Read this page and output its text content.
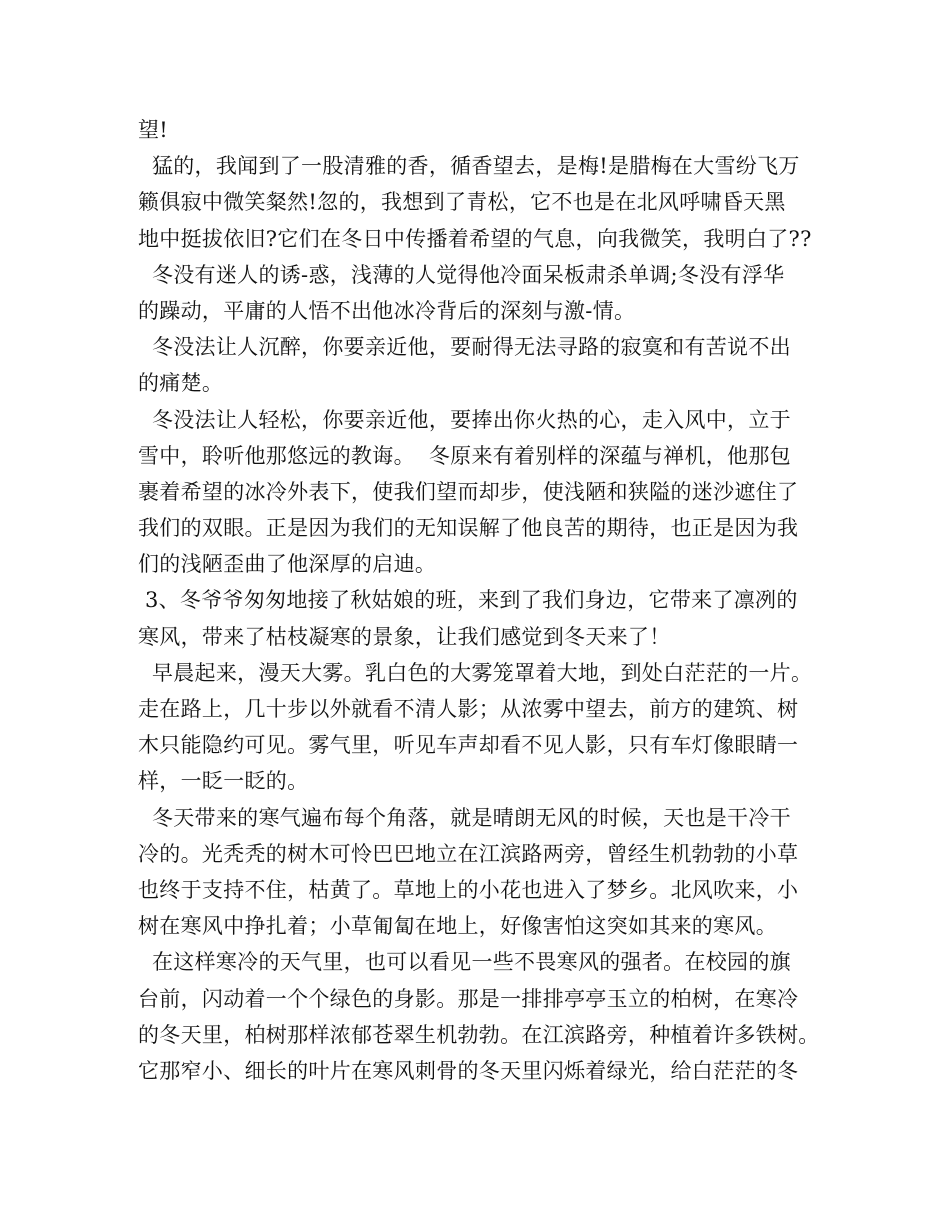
望!
猛的，我闻到了一股清雅的香，循香望去，是梅!是腊梅在大雪纷飞万
籁俱寂中微笑粲然!忽的，我想到了青松，它不也是在北风呼啸昏天黑
地中挺拔依旧?它们在冬日中传播着希望的气息，向我微笑，我明白了??
冬没有迷人的诱-惑，浅薄的人觉得他冷面呆板肃杀单调;冬没有浮华
的躁动，平庸的人悟不出他冰冷背后的深刻与激-情。
冬没法让人沉醉，你要亲近他，要耐得无法寻路的寂寞和有苦说不出
的痛楚。
冬没法让人轻松，你要亲近他，要捧出你火热的心，走入风中，立于
雪中，聆听他那悠远的教诲。  冬原来有着别样的深蕴与禅机，他那包
裹着希望的冰冷外表下，使我们望而却步，使浅陋和狭隘的迷沙遮住了
我们的双眼。正是因为我们的无知误解了他良苦的期待，也正是因为我
们的浅陋歪曲了他深厚的启迪。
3、冬爷爷匆匆地接了秋姑娘的班，来到了我们身边，它带来了凛冽的
寒风，带来了枯枝凝寒的景象，让我们感觉到冬天来了！
早晨起来，漫天大雾。乳白色的大雾笼罩着大地，到处白茫茫的一片。
走在路上，几十步以外就看不清人影；从浓雾中望去，前方的建筑、树
木只能隐约可见。雾气里，听见车声却看不见人影，只有车灯像眼睛一
样，一眨一眨的。
冬天带来的寒气遍布每个角落，就是晴朗无风的时候，天也是干冷干
冷的。光秃秃的树木可怜巴巴地立在江滨路两旁，曾经生机勃勃的小草
也终于支持不住，枯黄了。草地上的小花也进入了梦乡。北风吹来，小
树在寒风中挣扎着；小草匍匐在地上，好像害怕这突如其来的寒风。
在这样寒冷的天气里，也可以看见一些不畏寒风的强者。在校园的旗
台前，闪动着一个个绿色的身影。那是一排排亭亭玉立的柏树，在寒冷
的冬天里，柏树那样浓郁苍翠生机勃勃。在江滨路旁，种植着许多铁树。
它那窄小、细长的叶片在寒风刺骨的冬天里闪烁着绿光，给白茫茫的冬
